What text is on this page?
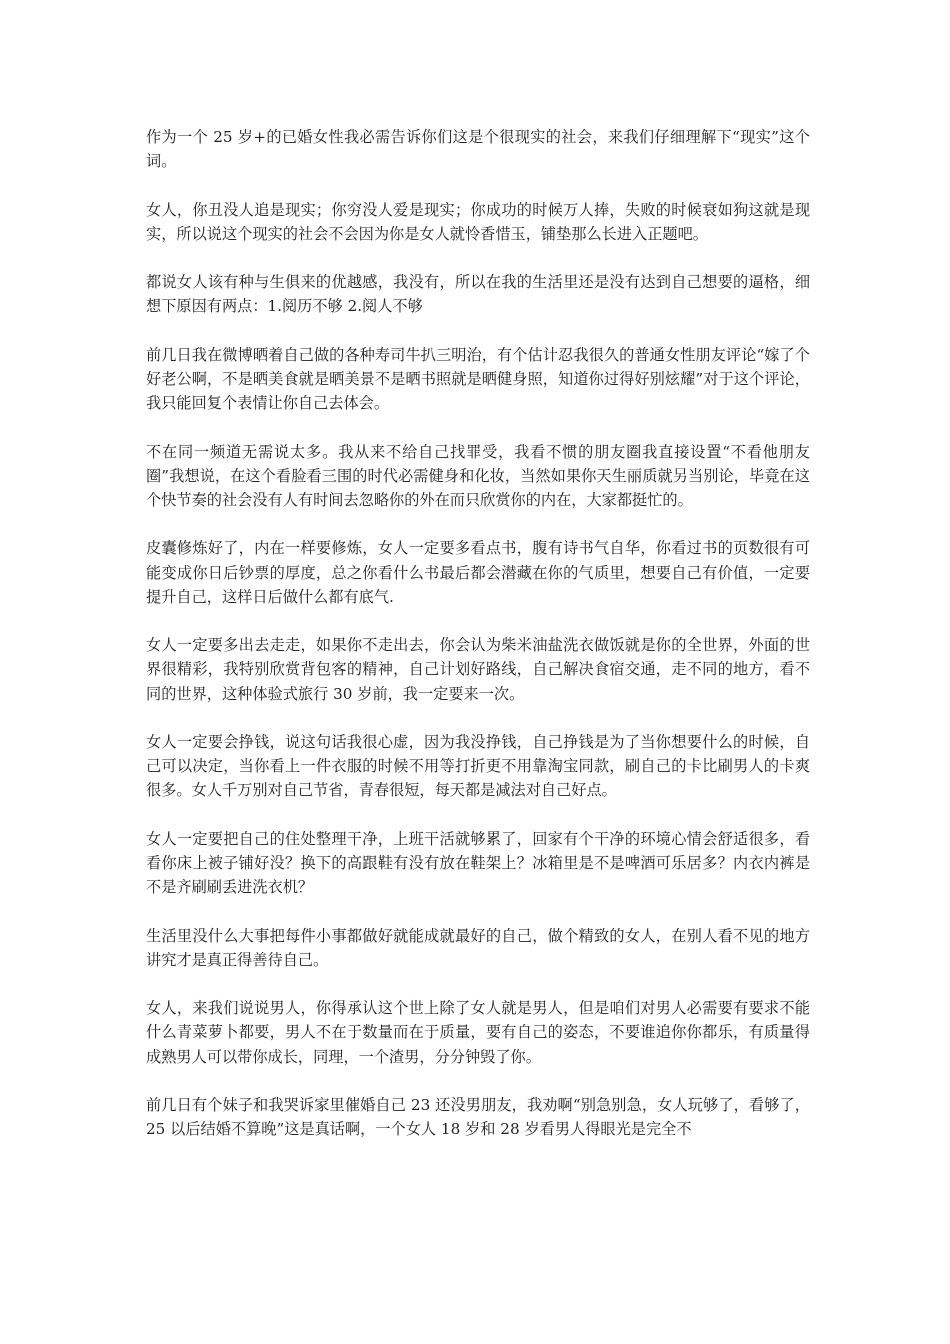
作为一个 25 岁+的已婚女性我必需告诉你们这是个很现实的社会，来我们仔细理解下“现实”这个词。

女人，你丑没人追是现实；你穷没人爱是现实；你成功的时候万人捧，失败的时候衰如狗这就是现实，所以说这个现实的社会不会因为你是女人就怜香惜玉，铺垫那么长进入正题吧。

都说女人该有种与生俱来的优越感，我没有，所以在我的生活里还是没有达到自己想要的逼格，细想下原因有两点：1.阅历不够 2.阅人不够

前几日我在微博晒着自己做的各种寿司牛扒三明治，有个估计忍我很久的普通女性朋友评论“嫁了个好老公啊，不是晒美食就是晒美景不是晒书照就是晒健身照，知道你过得好别炫耀”对于这个评论，我只能回复个表情让你自己去体会。

不在同一频道无需说太多。我从来不给自己找罪受，我看不惯的朋友圈我直接设置“不看他朋友圈”我想说，在这个看脸看三围的时代必需健身和化妆，当然如果你天生丽质就另当别论，毕竟在这个快节奏的社会没有人有时间去忽略你的外在而只欣赏你的内在，大家都挺忙的。

皮囊修炼好了，内在一样要修炼，女人一定要多看点书，腹有诗书气自华，你看过书的页数很有可能变成你日后钞票的厚度，总之你看什么书最后都会潜藏在你的气质里，想要自己有价值，一定要提升自己，这样日后做什么都有底气.

女人一定要多出去走走，如果你不走出去，你会认为柴米油盐洗衣做饭就是你的全世界，外面的世界很精彩，我特别欣赏背包客的精神，自己计划好路线，自己解决食宿交通，走不同的地方，看不同的世界，这种体验式旅行 30 岁前，我一定要来一次。

女人一定要会挣钱，说这句话我很心虚，因为我没挣钱，自己挣钱是为了当你想要什么的时候，自己可以决定，当你看上一件衣服的时候不用等打折更不用靠淘宝同款，刷自己的卡比刷男人的卡爽很多。女人千万别对自己节省，青春很短，每天都是减法对自己好点。

女人一定要把自己的住处整理干净，上班干活就够累了，回家有个干净的环境心情会舒适很多，看看你床上被子铺好没？换下的高跟鞋有没有放在鞋架上？冰箱里是不是啤酒可乐居多？内衣内裤是不是齐刷刷丢进洗衣机？

生活里没什么大事把每件小事都做好就能成就最好的自己，做个精致的女人，在别人看不见的地方讲究才是真正得善待自己。

女人，来我们说说男人，你得承认这个世上除了女人就是男人，但是咱们对男人必需要有要求不能什么青菜萝卜都要，男人不在于数量而在于质量，要有自己的姿态，不要谁追你你都乐，有质量得成熟男人可以带你成长，同理，一个渣男，分分钟毁了你。

前几日有个妹子和我哭诉家里催婚自己 23 还没男朋友，我劝啊“别急别急，女人玩够了，看够了，25 以后结婚不算晚”这是真话啊，一个女人 18 岁和 28 岁看男人得眼光是完全不
